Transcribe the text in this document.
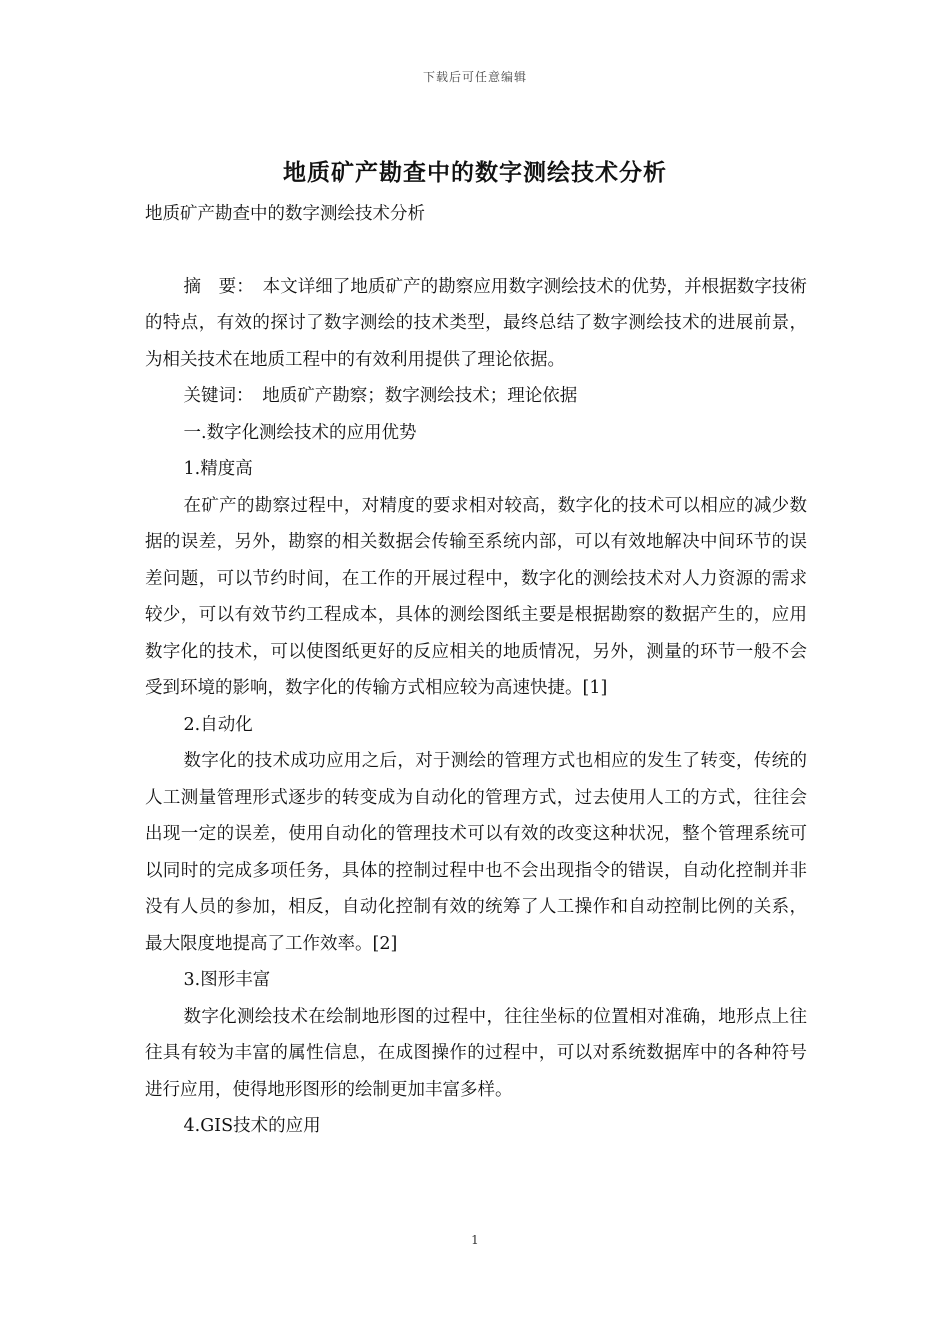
下载后可任意编辑
地质矿产勘查中的数字测绘技术分析

地质矿产勘查中的数字测绘技术分析

摘　要：　本文详细了地质矿产的勘察应用数字测绘技术的优势，并根据数字技術的特点，有效的探讨了数字测绘的技术类型，最终总结了数字测绘技术的进展前景，为相关技术在地质工程中的有效利用提供了理论依据。

关键词：　地质矿产勘察；数字测绘技术；理论依据

一.数字化测绘技术的应用优势

1.精度高

在矿产的勘察过程中，对精度的要求相对较高，数字化的技术可以相应的减少数据的误差，另外，勘察的相关数据会传输至系统内部，可以有效地解决中间环节的误差问题，可以节约时间，在工作的开展过程中，数字化的测绘技术对人力资源的需求较少，可以有效节约工程成本，具体的测绘图纸主要是根据勘察的数据产生的，应用数字化的技术，可以使图纸更好的反应相关的地质情况，另外，测量的环节一般不会受到环境的影响，数字化的传输方式相应较为高速快捷。[1]

2.自动化

数字化的技术成功应用之后，对于测绘的管理方式也相应的发生了转变，传统的人工测量管理形式逐步的转变成为自动化的管理方式，过去使用人工的方式，往往会出现一定的误差，使用自动化的管理技术可以有效的改变这种状况，整个管理系统可以同时的完成多项任务，具体的控制过程中也不会出现指令的错误，自动化控制并非没有人员的参加，相反，自动化控制有效的统筹了人工操作和自动控制比例的关系，最大限度地提高了工作效率。[2]

3.图形丰富

数字化测绘技术在绘制地形图的过程中，往往坐标的位置相对准确，地形点上往往具有较为丰富的属性信息，在成图操作的过程中，可以对系统数据库中的各种符号进行应用，使得地形图形的绘制更加丰富多样。

4.GIS技术的应用

1
